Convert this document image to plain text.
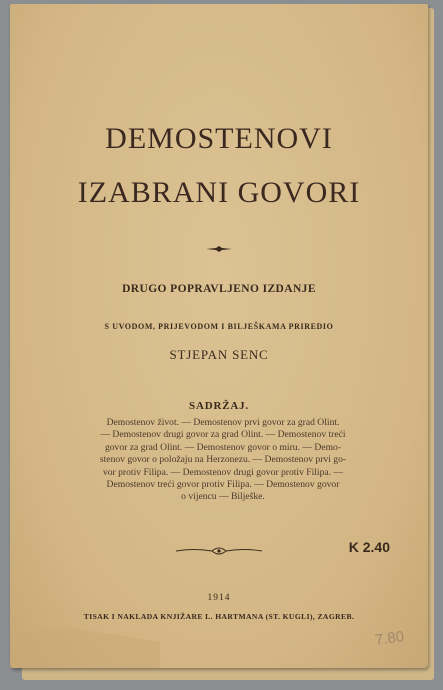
DEMOSTENOVI
IZABRANI GOVORI
DRUGO POPRAVLJENO IZDANJE
S UVODOM, PRIJEVODOM I BILJEŠKAMA PRIREDIO
STJEPAN SENC
SADRŽAJ.
Demostenov život. — Demostenov prvi govor za grad Olint.
— Demostenov drugi govor za grad Olint. — Demostenov treći
govor za grad Olint. — Demostenov govor o miru. — Demo-
stenov govor o položaju na Herzonezu. — Demostenov prvi go-
vor protiv Filipa. — Demostenov drugi govor protiv Filipa. —
Demostenov treći govor protiv Filipa. — Demostenov govor
o vijencu — Bilješke.
K 2.40
1914
TISAK I NAKLADA KNJIŽARE L. HARTMANA (ST. KUGLI), ZAGREB.
7.80
